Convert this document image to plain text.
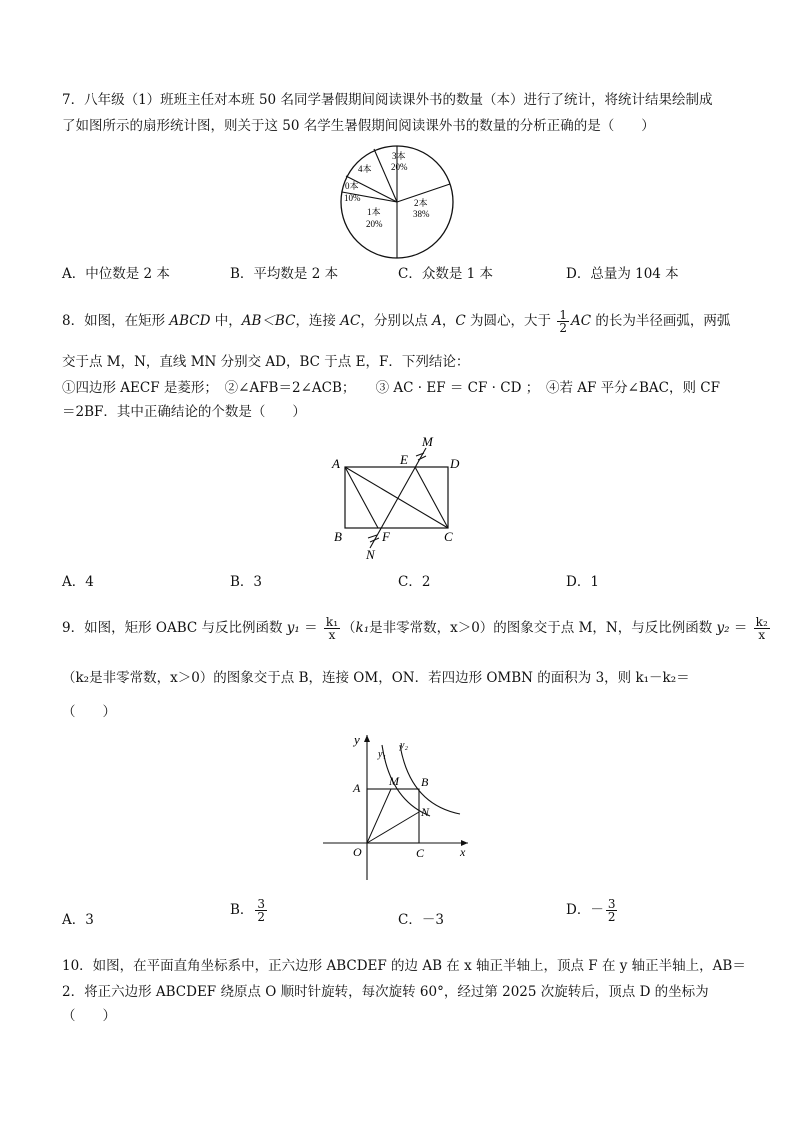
7．八年级（1）班班主任对本班 50 名同学暑假期间阅读课外书的数量（本）进行了统计，将统计结果绘制成
了如图所示的扇形统计图，则关于这 50 名学生暑假期间阅读课外书的数量的分析正确的是（　　）
3本
20%
2本
38%
1本
20%
0本
10%
4本
A．中位数是 2 本	B．平均数是 2 本	C．众数是 1 本	D．总量为 104 本
8．如图，在矩形 ABCD 中，AB＜BC，连接 AC，分别以点 A，C 为圆心，大于 $\frac{1}{2}$ AC 的长为半径画弧，两弧
交于点 M，N，直线 MN 分别交 AD，BC 于点 E，F．下列结论：
①四边形 AECF 是菱形；　②∠AFB＝2∠ACB；　　③ AC · EF ＝ CF · CD ；　④若 AF 平分∠BAC，则 CF
＝2BF．其中正确结论的个数是（　　）
A	E
M
D
B	F
N
C
A．4	B．3	C．2	D．1
9．如图，矩形 OABC 与反比例函数 $y_1 = \frac{\text{k₁}}{x} (k_1$是非零常数，x＞0）的图象交于点 M，N，与反比例函数 $y_2 = \frac{\text{k₂}}{x}$
（k₂是非零常数，x＞0）的图象交于点 B，连接 OM，ON．若四边形 OMBN 的面积为 3，则 k₁－k₂＝
（　　）
y
y₁
y₂
A M B
N
O	C	x
A．3
B． $\frac{3}{2}$	C．－3
D．－ $\frac{3}{2}$
10．如图，在平面直角坐标系中，正六边形 ABCDEF 的边 AB 在 x 轴正半轴上，顶点 F 在 y 轴正半轴上，AB＝
2．将正六边形 ABCDEF 绕原点 O 顺时针旋转，每次旋转 60°，经过第 2025 次旋转后，顶点 D 的坐标为
（　　）
